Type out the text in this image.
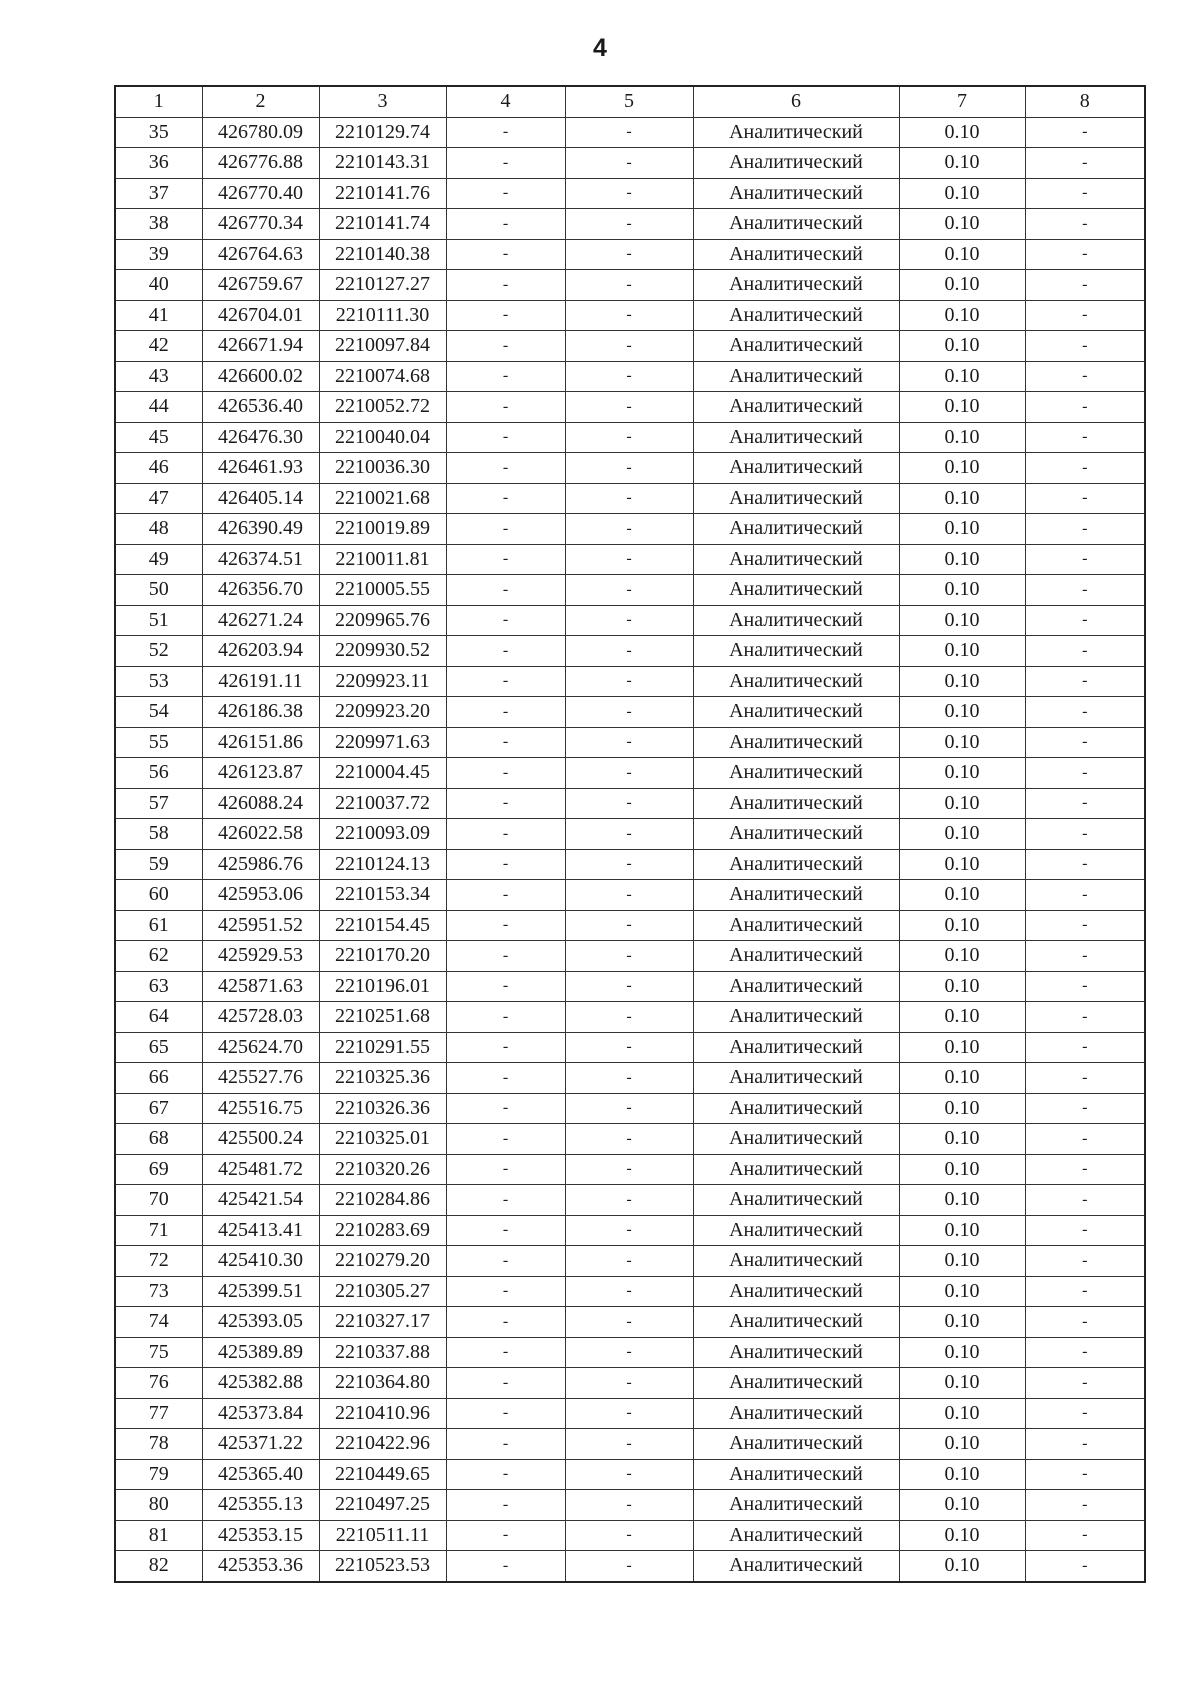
4
1	2	3	4	5	6	7	8
35	426780.09	2210129.74	-	-	Аналитический	0.10	-
36	426776.88	2210143.31	-	-	Аналитический	0.10	-
37	426770.40	2210141.76	-	-	Аналитический	0.10	-
38	426770.34	2210141.74	-	-	Аналитический	0.10	-
39	426764.63	2210140.38	-	-	Аналитический	0.10	-
40	426759.67	2210127.27	-	-	Аналитический	0.10	-
41	426704.01	2210111.30	-	-	Аналитический	0.10	-
42	426671.94	2210097.84	-	-	Аналитический	0.10	-
43	426600.02	2210074.68	-	-	Аналитический	0.10	-
44	426536.40	2210052.72	-	-	Аналитический	0.10	-
45	426476.30	2210040.04	-	-	Аналитический	0.10	-
46	426461.93	2210036.30	-	-	Аналитический	0.10	-
47	426405.14	2210021.68	-	-	Аналитический	0.10	-
48	426390.49	2210019.89	-	-	Аналитический	0.10	-
49	426374.51	2210011.81	-	-	Аналитический	0.10	-
50	426356.70	2210005.55	-	-	Аналитический	0.10	-
51	426271.24	2209965.76	-	-	Аналитический	0.10	-
52	426203.94	2209930.52	-	-	Аналитический	0.10	-
53	426191.11	2209923.11	-	-	Аналитический	0.10	-
54	426186.38	2209923.20	-	-	Аналитический	0.10	-
55	426151.86	2209971.63	-	-	Аналитический	0.10	-
56	426123.87	2210004.45	-	-	Аналитический	0.10	-
57	426088.24	2210037.72	-	-	Аналитический	0.10	-
58	426022.58	2210093.09	-	-	Аналитический	0.10	-
59	425986.76	2210124.13	-	-	Аналитический	0.10	-
60	425953.06	2210153.34	-	-	Аналитический	0.10	-
61	425951.52	2210154.45	-	-	Аналитический	0.10	-
62	425929.53	2210170.20	-	-	Аналитический	0.10	-
63	425871.63	2210196.01	-	-	Аналитический	0.10	-
64	425728.03	2210251.68	-	-	Аналитический	0.10	-
65	425624.70	2210291.55	-	-	Аналитический	0.10	-
66	425527.76	2210325.36	-	-	Аналитический	0.10	-
67	425516.75	2210326.36	-	-	Аналитический	0.10	-
68	425500.24	2210325.01	-	-	Аналитический	0.10	-
69	425481.72	2210320.26	-	-	Аналитический	0.10	-
70	425421.54	2210284.86	-	-	Аналитический	0.10	-
71	425413.41	2210283.69	-	-	Аналитический	0.10	-
72	425410.30	2210279.20	-	-	Аналитический	0.10	-
73	425399.51	2210305.27	-	-	Аналитический	0.10	-
74	425393.05	2210327.17	-	-	Аналитический	0.10	-
75	425389.89	2210337.88	-	-	Аналитический	0.10	-
76	425382.88	2210364.80	-	-	Аналитический	0.10	-
77	425373.84	2210410.96	-	-	Аналитический	0.10	-
78	425371.22	2210422.96	-	-	Аналитический	0.10	-
79	425365.40	2210449.65	-	-	Аналитический	0.10	-
80	425355.13	2210497.25	-	-	Аналитический	0.10	-
81	425353.15	2210511.11	-	-	Аналитический	0.10	-
82	425353.36	2210523.53	-	-	Аналитический	0.10	-
